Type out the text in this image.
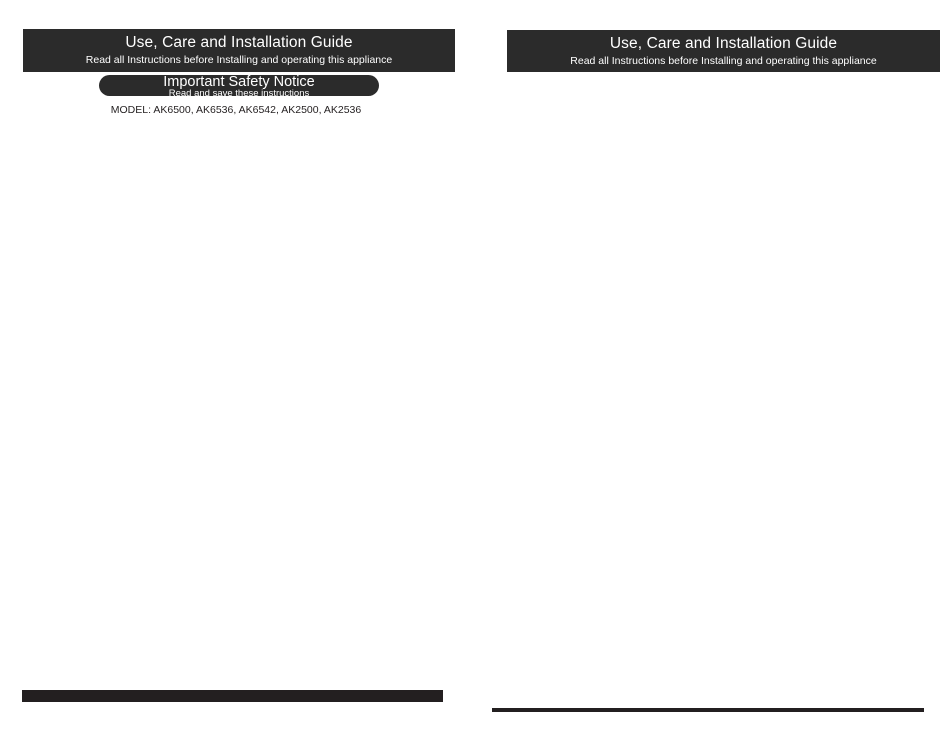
Use, Care and Installation Guide
Read all Instructions before Installing and operating this appliance
Important Safety Notice
Read and save these instructions
MODEL: AK6500, AK6536, AK6542, AK2500, AK2536
Use, Care and Installation Guide
Read all Instructions before Installing and operating this appliance
